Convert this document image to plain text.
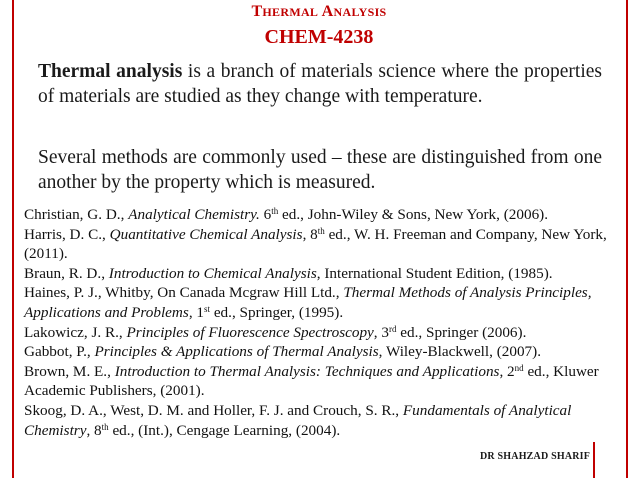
THERMAL ANALYSIS
CHEM-4238
Thermal analysis is a branch of materials science where the properties of materials are studied as they change with temperature.
Several methods are commonly used – these are distinguished from one another by the property which is measured.
Christian, G. D., Analytical Chemistry. 6th ed., John-Wiley & Sons, New York, (2006).
Harris, D. C., Quantitative Chemical Analysis, 8th ed., W. H. Freeman and Company, New York, (2011).
Braun, R. D., Introduction to Chemical Analysis, International Student Edition, (1985).
Haines, P. J., Whitby, On Canada Mcgraw Hill Ltd., Thermal Methods of Analysis Principles, Applications and Problems, 1st ed., Springer, (1995).
Lakowicz, J. R., Principles of Fluorescence Spectroscopy, 3rd ed., Springer (2006).
Gabbot, P., Principles & Applications of Thermal Analysis, Wiley-Blackwell, (2007).
Brown, M. E., Introduction to Thermal Analysis: Techniques and Applications, 2nd ed., Kluwer Academic Publishers, (2001).
Skoog, D. A., West, D. M. and Holler, F. J. and Crouch, S. R., Fundamentals of Analytical Chemistry, 8th ed., (Int.), Cengage Learning, (2004).
DR SHAHZAD SHARIF
